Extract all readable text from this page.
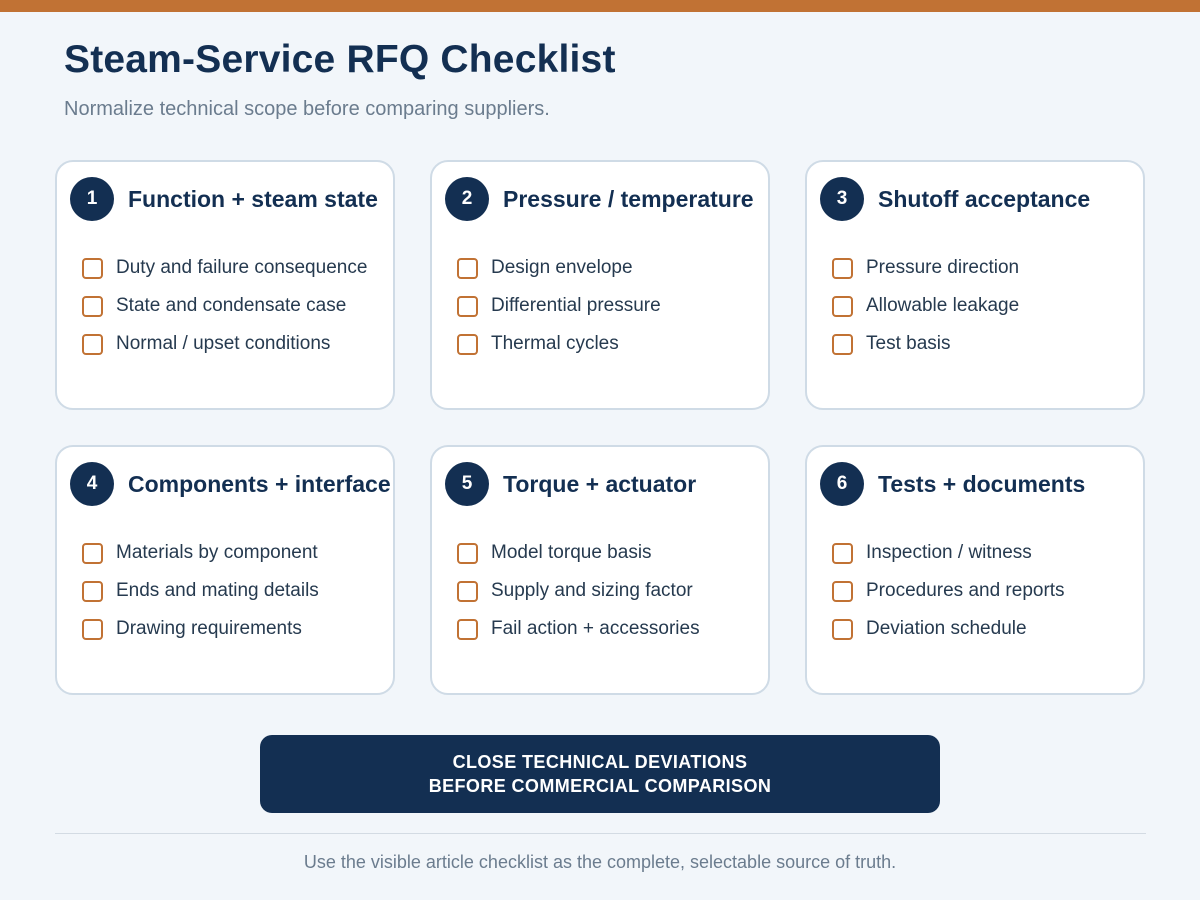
Steam-Service RFQ Checklist

Normalize technical scope before comparing suppliers.

1	Function + steam state
Duty and failure consequence
State and condensate case
Normal / upset conditions
2	Pressure / temperature
Design envelope
Differential pressure
Thermal cycles
3	Shutoff acceptance
Pressure direction
Allowable leakage
Test basis
4	Components + interface
Materials by component
Ends and mating details
Drawing requirements
5	Torque + actuator
Model torque basis
Supply and sizing factor
Fail action + accessories
6	Tests + documents
Inspection / witness
Procedures and reports
Deviation schedule
CLOSE TECHNICAL DEVIATIONS
BEFORE COMMERCIAL COMPARISON

Use the visible article checklist as the complete, selectable source of truth.
